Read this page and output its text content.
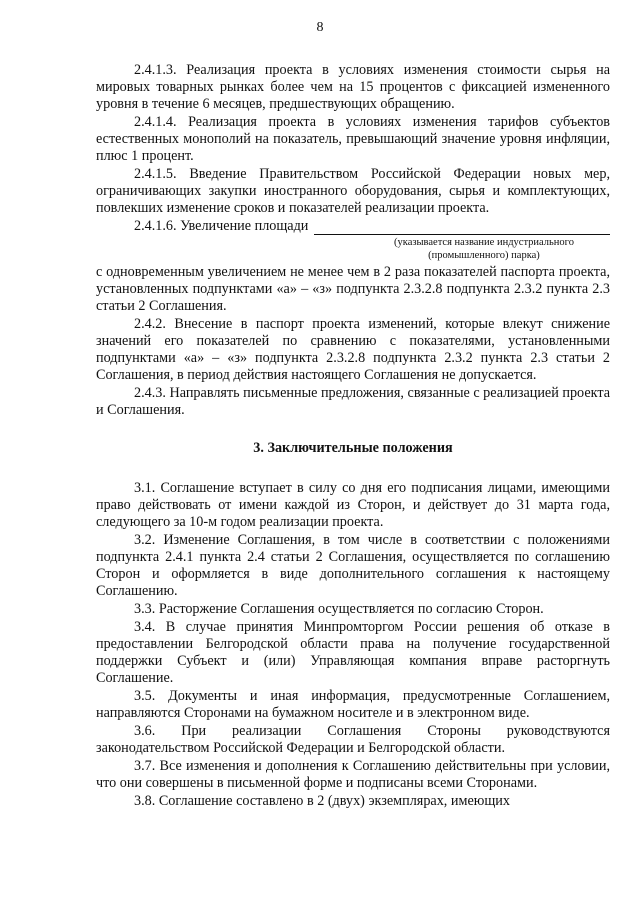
8

2.4.1.3. Реализация проекта в условиях изменения стоимости сырья на мировых товарных рынках более чем на 15 процентов с фиксацией измененного уровня в течение 6 месяцев, предшествующих обращению.

2.4.1.4. Реализация проекта в условиях изменения тарифов субъектов естественных монополий на показатель, превышающий значение уровня инфляции, плюс 1 процент.

2.4.1.5. Введение Правительством Российской Федерации новых мер, ограничивающих закупки иностранного оборудования, сырья и комплектующих, повлекших изменение сроков и показателей реализации проекта.

2.4.1.6. Увеличение площади
(указывается название индустриального (промышленного) парка)

с одновременным увеличением не менее чем в 2 раза показателей паспорта проекта, установленных подпунктами «а» – «з» подпункта 2.3.2.8 подпункта 2.3.2 пункта 2.3 статьи 2 Соглашения.

2.4.2. Внесение в паспорт проекта изменений, которые влекут снижение значений его показателей по сравнению с показателями, установленными подпунктами «а» – «з» подпункта 2.3.2.8 подпункта 2.3.2 пункта 2.3 статьи 2 Соглашения, в период действия настоящего Соглашения не допускается.

2.4.3. Направлять письменные предложения, связанные с реализацией проекта и Соглашения.

3. Заключительные положения

3.1. Соглашение вступает в силу со дня его подписания лицами, имеющими право действовать от имени каждой из Сторон, и действует до 31 марта года, следующего за 10-м годом реализации проекта.

3.2. Изменение Соглашения, в том числе в соответствии с положениями подпункта 2.4.1 пункта 2.4 статьи 2 Соглашения, осуществляется по соглашению Сторон и оформляется в виде дополнительного соглашения к настоящему Соглашению.

3.3. Расторжение Соглашения осуществляется по согласию Сторон.

3.4. В случае принятия Минпромторгом России решения об отказе в предоставлении Белгородской области права на получение государственной поддержки Субъект и (или) Управляющая компания вправе расторгнуть Соглашение.

3.5. Документы и иная информация, предусмотренные Соглашением, направляются Сторонами на бумажном носителе и в электронном виде.

3.6. При реализации Соглашения Стороны руководствуются законодательством Российской Федерации и Белгородской области.

3.7. Все изменения и дополнения к Соглашению действительны при условии, что они совершены в письменной форме и подписаны всеми Сторонами.

3.8. Соглашение составлено в 2 (двух) экземплярах, имеющих
